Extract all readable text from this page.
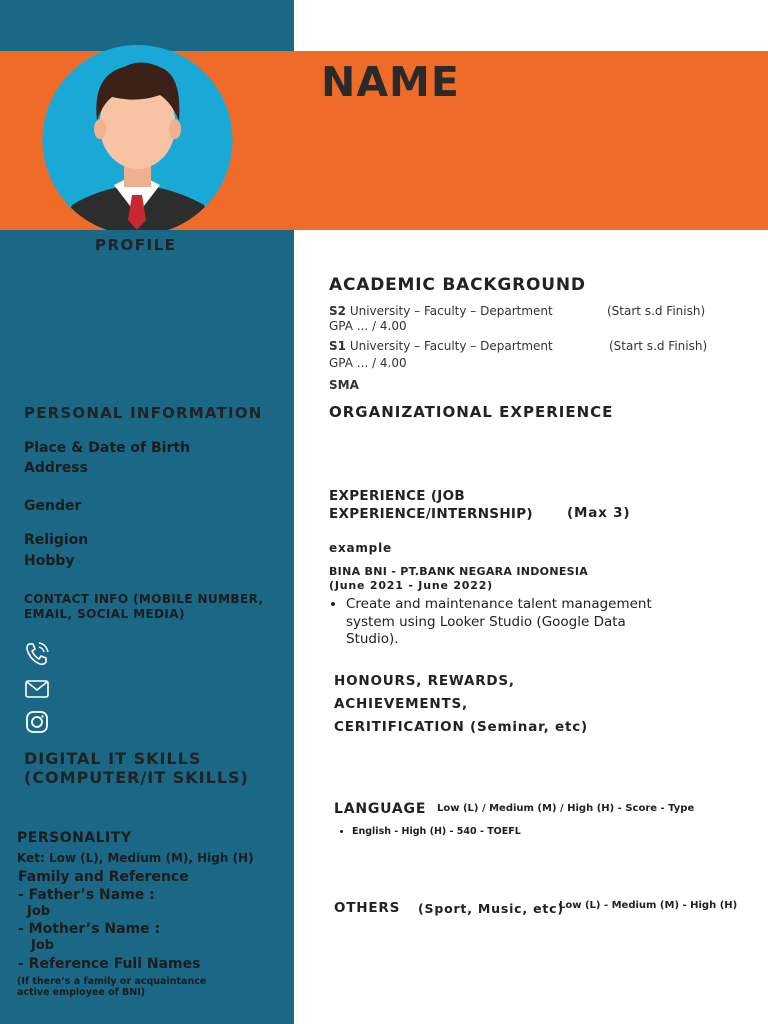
NAME
PROFILE
PERSONAL INFORMATION
Place & Date of Birth
Address
Gender
Religion
Hobby
CONTACT INFO (MOBILE NUMBER, EMAIL, SOCIAL MEDIA)
DIGITAL IT SKILLS (COMPUTER/IT SKILLS)
PERSONALITY
Ket: Low (L), Medium (M), High (H)
Family and Reference
- Father’s Name :
Job
- Mother’s Name :
Job
- Reference Full Names
(If there’s a family or acquaintance active employee of BNI)
ACADEMIC BACKGROUND
S2 University – Faculty – Department	(Start s.d Finish)
GPA ... / 4.00
S1 University – Faculty – Department	(Start s.d Finish)
GPA ... / 4.00
SMA
ORGANIZATIONAL EXPERIENCE
EXPERIENCE (JOB EXPERIENCE/INTERNSHIP)	(Max 3)
example
BINA BNI - PT.BANK NEGARA INDONESIA
(June 2021 - June 2022)
• Create and maintenance talent management system using Looker Studio (Google Data Studio).
HONOURS, REWARDS,
ACHIEVEMENTS,
CERITIFICATION (Seminar, etc)
LANGUAGE Low (L) / Medium (M) / High (H) - Score - Type
• English - High (H) - 540 - TOEFL
OTHERS (Sport, Music, etc)
Low (L) - Medium (M) - High (H)
